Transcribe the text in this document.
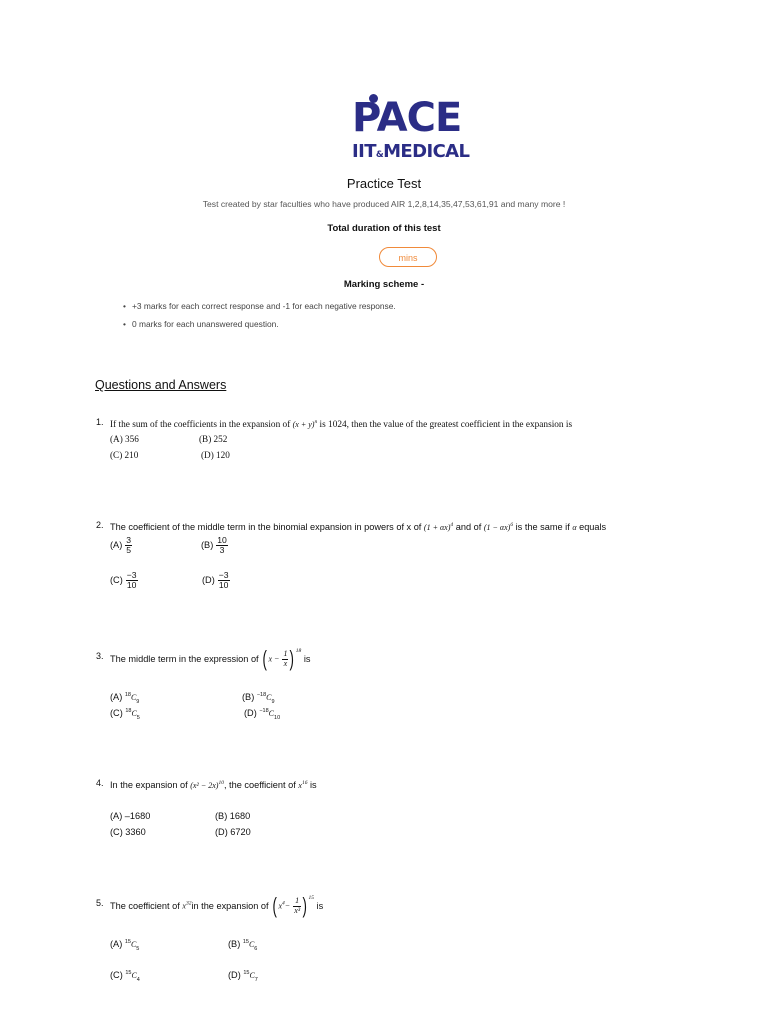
PACE
IIT&MEDICAL
Practice Test
Test created by star faculties who have produced AIR 1,2,8,14,35,47,53,61,91 and many more !
Total duration of this test
mins
Marking scheme -
• +3 marks for each correct response and -1 for each negative response.
• 0 marks for each unanswered question.
Questions and Answers
1. If the sum of the coefficients in the expansion of $(x + y)^n$ is 1024, then the value of the greatest coefficient in the expansion is
(A) 356	(B) 252
(C) 210	(D) 120
2. The coefficient of the middle term in the binomial expansion in powers of x of $(1 + \alpha x)^4$ and of $(1 - \alpha x)^6$ is the same if α equals
$(A) \frac{3}{5}$	$(B) \frac{10}{3}$
$(C) \frac{-3}{10}$	$(D) \frac{-3}{10}$
3. The middle term in the expression of $(x - \frac{1}{x} )^{18}$ is
(A) $^{18}C_9$	(B) $^{-18}C_9$
(C) $^{18}C_5$	(D) $^{-18}C_{10}$
4. In the expansion of $(x^2 - 2x)^{10}$, the coefficient of $x^{16}$ is
(A) –1680	(B) 1680
(C) 3360	(D) 6720
5. The coefficient of $x^{32}in$ the expansion of $(x^4- \frac{1}{\text{x³}} )^{15}$ is
(A) $^{15}C_5$	(B) $^{15}C_6$
(C) $^{15}C_4$	(D) $^{15}C_7$
